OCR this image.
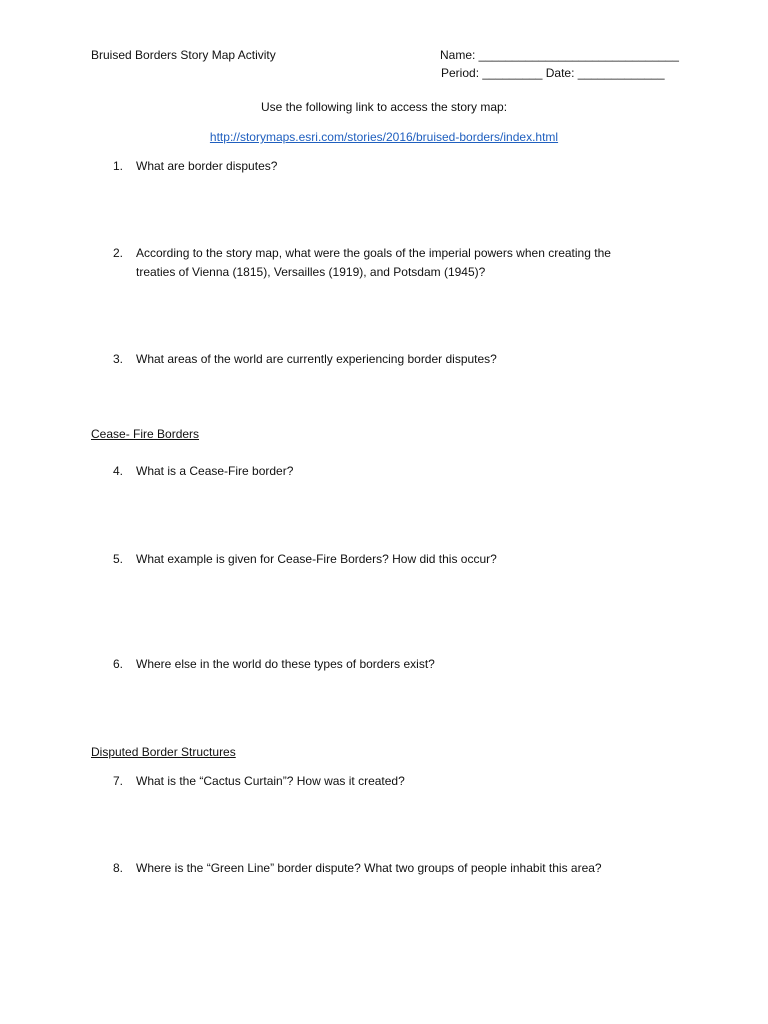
Bruised Borders Story Map Activity	Name: ______________________________
Period: _________ Date: _____________
Use the following link to access the story map:
http://storymaps.esri.com/stories/2016/bruised-borders/index.html
1. What are border disputes?
2. According to the story map, what were the goals of the imperial powers when creating the
treaties of Vienna (1815), Versailles (1919), and Potsdam (1945)?
3. What areas of the world are currently experiencing border disputes?
Cease- Fire Borders
4. What is a Cease-Fire border?
5. What example is given for Cease-Fire Borders? How did this occur?
6. Where else in the world do these types of borders exist?
Disputed Border Structures
7. What is the “Cactus Curtain”? How was it created?
8. Where is the “Green Line” border dispute? What two groups of people inhabit this area?
